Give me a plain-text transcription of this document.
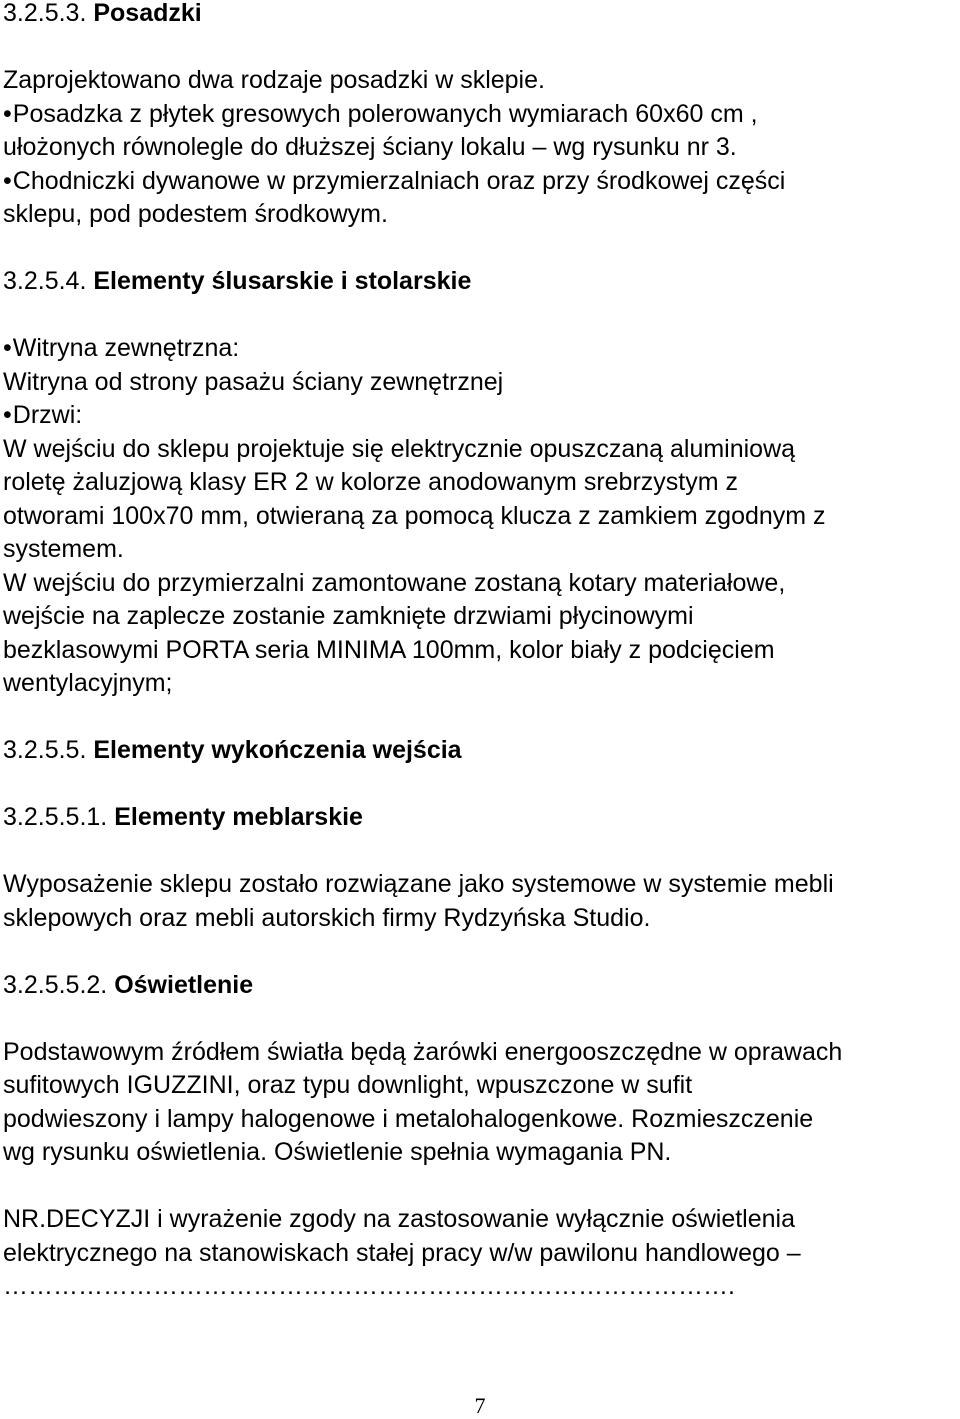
3.2.5.3. Posadzki

Zaprojektowano dwa rodzaje posadzki w sklepie.

• Posadzka z płytek gresowych polerowanych wymiarach 60x60 cm ,

ułożonych równolegle do dłuższej ściany lokalu – wg rysunku nr 3.

• Chodniczki dywanowe w przymierzalniach oraz przy środkowej części

sklepu, pod podestem środkowym.

3.2.5.4. Elementy ślusarskie i stolarskie

• Witryna zewnętrzna:

Witryna od strony pasażu ściany zewnętrznej

• Drzwi:

W wejściu do sklepu projektuje się elektrycznie opuszczaną aluminiową

roletę żaluzjową klasy ER 2 w kolorze anodowanym srebrzystym z

otworami 100x70 mm, otwieraną za pomocą klucza z zamkiem zgodnym z

systemem.

W wejściu do przymierzalni zamontowane zostaną kotary materiałowe,

wejście na zaplecze zostanie zamknięte drzwiami płycinowymi

bezklasowymi PORTA seria MINIMA 100mm, kolor biały z podcięciem

wentylacyjnym;

3.2.5.5. Elementy wykończenia wejścia

3.2.5.5.1. Elementy meblarskie

Wyposażenie sklepu zostało rozwiązane jako systemowe w systemie mebli

sklepowych oraz mebli autorskich firmy Rydzyńska Studio.

3.2.5.5.2. Oświetlenie

Podstawowym źródłem światła będą żarówki energooszczędne w oprawach

sufitowych IGUZZINI, oraz typu downlight, wpuszczone w sufit

podwieszony i lampy halogenowe i metalohalogenkowe. Rozmieszczenie

wg rysunku oświetlenia. Oświetlenie spełnia wymagania PN.

NR.DECYZJI i wyrażenie zgody na zastosowanie wyłącznie oświetlenia

elektrycznego na stanowiskach stałej pracy w/w pawilonu handlowego –

…………………………………………………………………………….

7
